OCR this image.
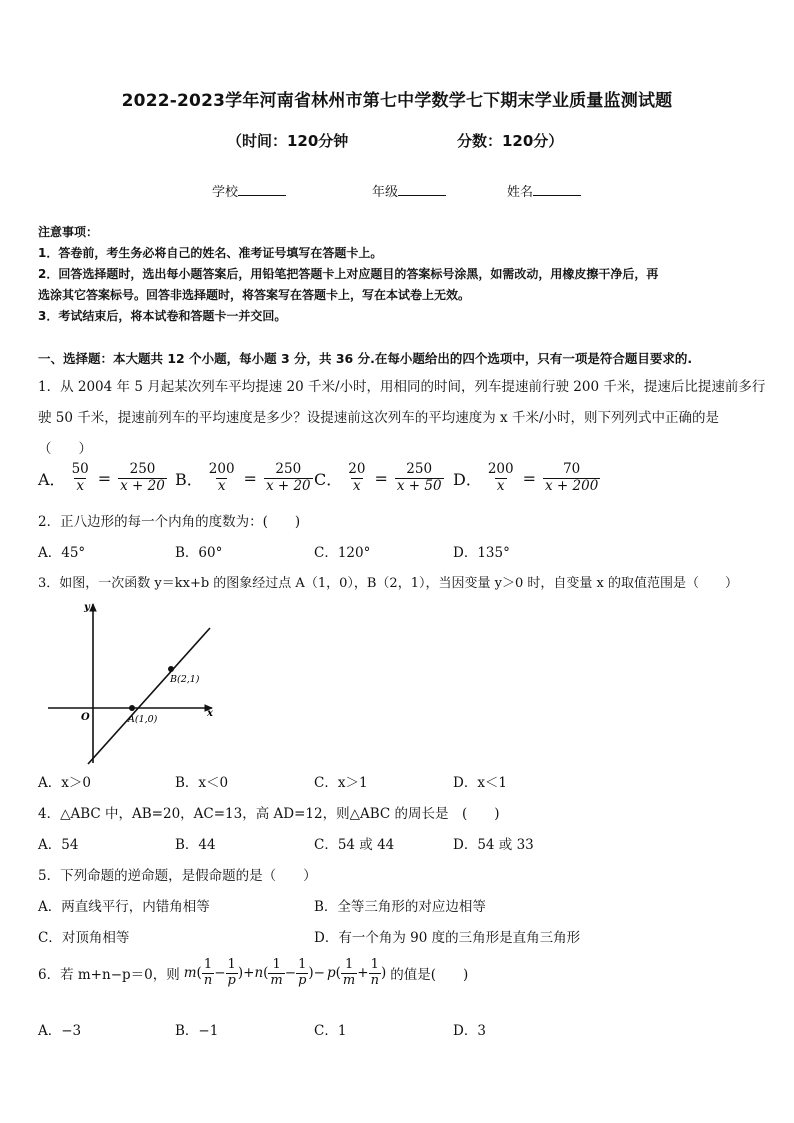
2022-2023学年河南省林州市第七中学数学七下期末学业质量监测试题
（时间：120分钟	分数：120分）
学校	年级	姓名
注意事项：
1．答卷前，考生务必将自己的姓名、准考证号填写在答题卡上。
2．回答选择题时，选出每小题答案后，用铅笔把答题卡上对应题目的答案标号涂黑，如需改动，用橡皮擦干净后，再
选涂其它答案标号。回答非选择题时，将答案写在答题卡上，写在本试卷上无效。
3．考试结束后，将本试卷和答题卡一并交回。
一、选择题：本大题共 12 个小题，每小题 3 分，共 36 分.在每小题给出的四个选项中，只有一项是符合题目要求的.
1．从 2004 年 5 月起某次列车平均提速 20 千米/小时，用相同的时间，列车提速前行驶 200 千米，提速后比提速前多行
驶 50 千米，提速前列车的平均速度是多少？设提速前这次列车的平均速度为 x 千米/小时，则下列列式中正确的是
（　　）
A． $\frac{50}{x} = \frac{250}{x + 20}$ B． $\frac{200}{x} = \frac{250}{x + 20}$ C． $\frac{20}{x} = \frac{250}{x + 50}$ D． $\frac{200}{x} = \frac{70}{x + 200}$
2．正八边形的每一个内角的度数为：(　　)
A．45°	B．60°	C．120°	D．135°
3．如图，一次函数 y＝kx+b 的图象经过点 A（1，0），B（2，1），当因变量 y＞0 时，自变量 x 的取值范围是（　　）
y
x
O	A(1,0)
B(2,1)
A．x＞0	B．x＜0	C．x＞1	D．x＜1
4．△ABC 中，AB=20，AC=13，高 AD=12，则△ABC 的周长是　(　　)
A．54	B．44	C．54 或 44	D．54 或 33
5．下列命题的逆命题，是假命题的是（　　）
A．两直线平行，内错角相等	B．全等三角形的对应边相等
C．对顶角相等	D．有一个角为 90 度的三角形是直角三角形
6．若 m+n−p＝0，则 m ( $\frac{1}{n} - \frac{1}{p}$ )+ n ( $\frac{1}{m} - \frac{1}{p}$ )− p ( $\frac{1}{m} + \frac{1}{n}$ ) 的值是(　　)
A．−3	B．−1	C．1	D．3
